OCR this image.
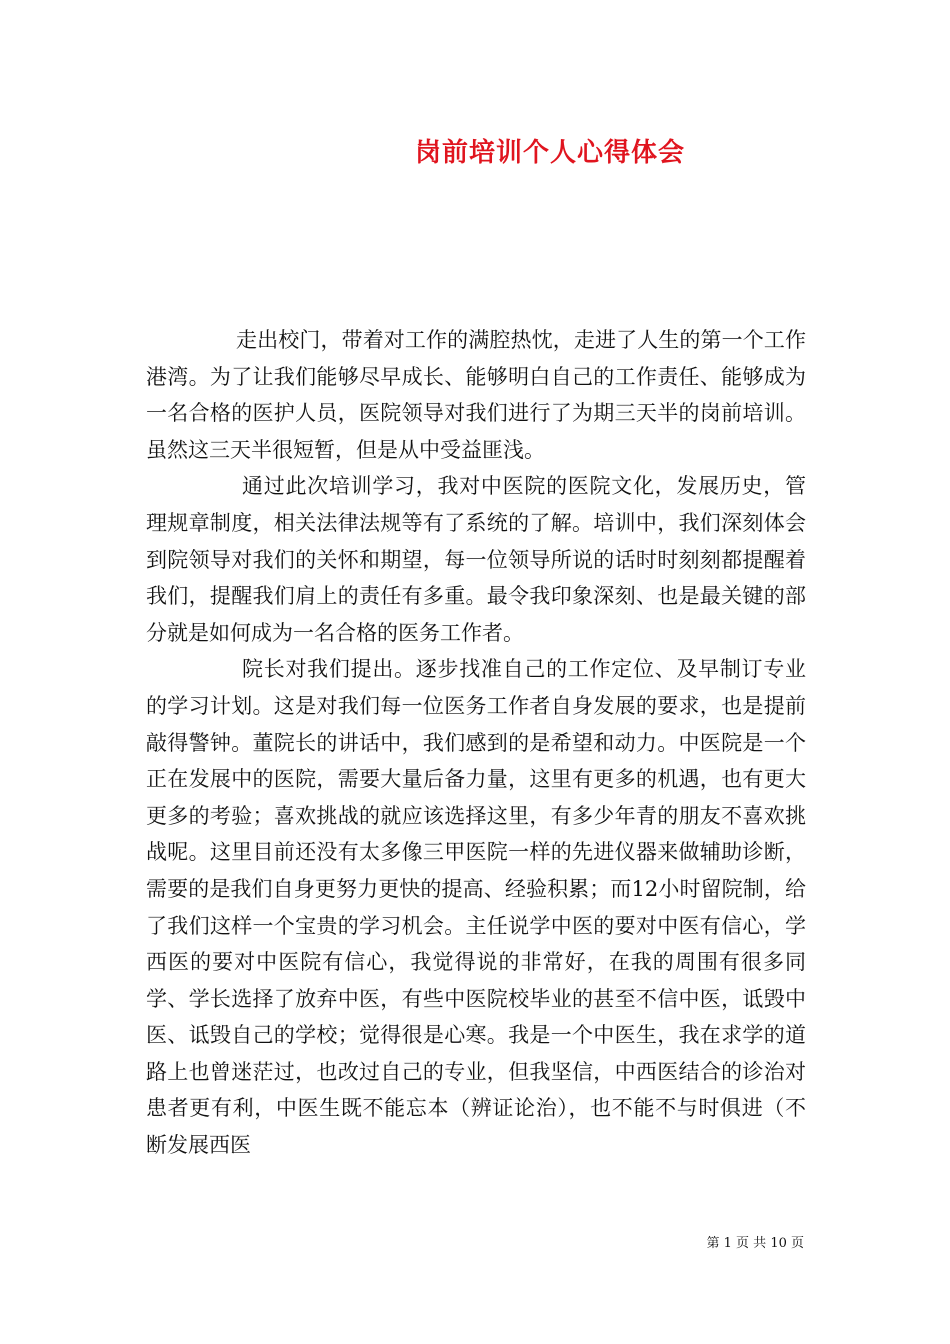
岗前培训个人心得体会

走出校门，带着对工作的满腔热忱，走进了人生的第一个工作港湾。为了让我们能够尽早成长、能够明白自己的工作责任、能够成为一名合格的医护人员，医院领导对我们进行了为期三天半的岗前培训。虽然这三天半很短暂，但是从中受益匪浅。

通过此次培训学习，我对中医院的医院文化，发展历史，管理规章制度，相关法律法规等有了系统的了解。培训中，我们深刻体会到院领导对我们的关怀和期望，每一位领导所说的话时时刻刻都提醒着我们，提醒我们肩上的责任有多重。最令我印象深刻、也是最关键的部分就是如何成为一名合格的医务工作者。

院长对我们提出。逐步找准自己的工作定位、及早制订专业的学习计划。这是对我们每一位医务工作者自身发展的要求，也是提前敲得警钟。董院长的讲话中，我们感到的是希望和动力。中医院是一个正在发展中的医院，需要大量后备力量，这里有更多的机遇，也有更大更多的考验；喜欢挑战的就应该选择这里，有多少年青的朋友不喜欢挑战呢。这里目前还没有太多像三甲医院一样的先进仪器来做辅助诊断，需要的是我们自身更努力更快的提高、经验积累；而12小时留院制，给了我们这样一个宝贵的学习机会。主任说学中医的要对中医有信心，学西医的要对中医院有信心，我觉得说的非常好，在我的周围有很多同学、学长选择了放弃中医，有些中医院校毕业的甚至不信中医，诋毁中医、诋毁自己的学校；觉得很是心寒。我是一个中医生，我在求学的道路上也曾迷茫过，也改过自己的专业，但我坚信，中西医结合的诊治对患者更有利，中医生既不能忘本（辨证论治），也不能不与时俱进（不断发展西医

第 1 页 共 10 页
